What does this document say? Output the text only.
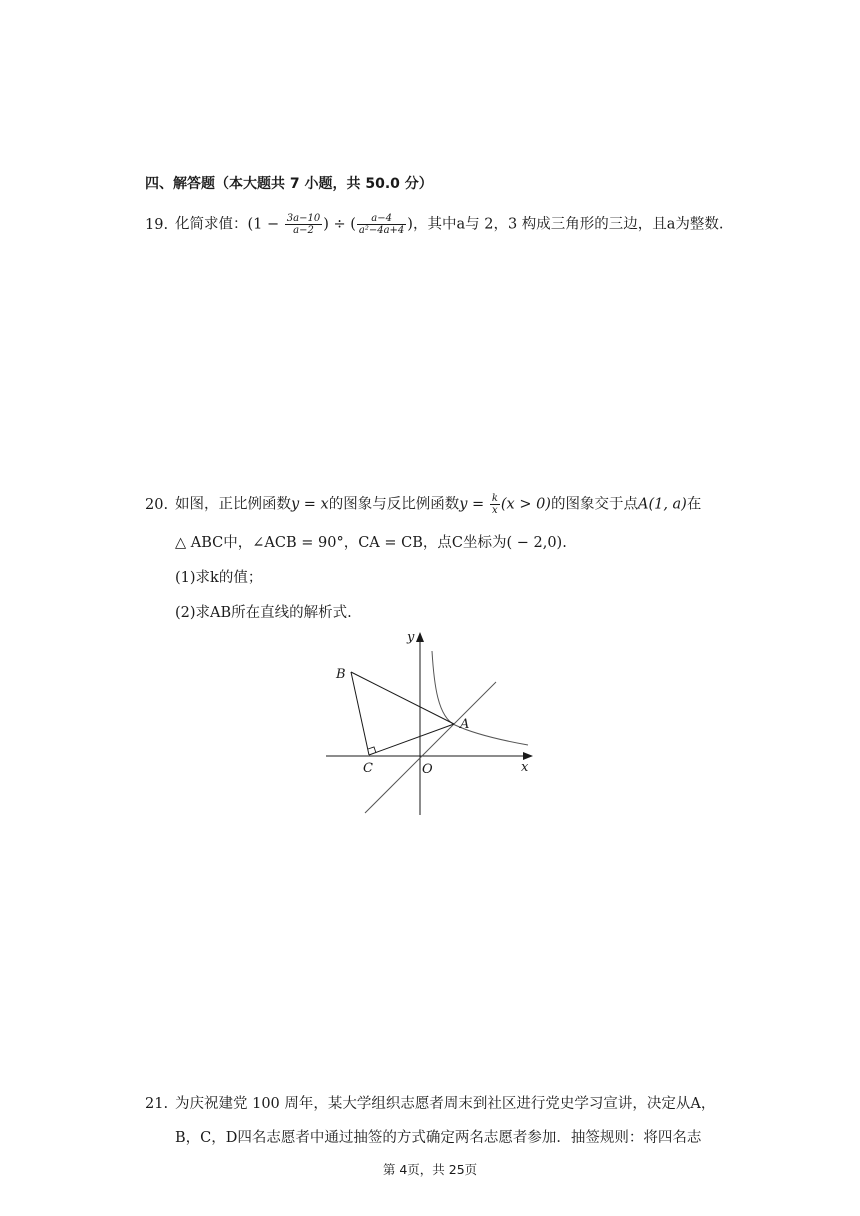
四、解答题（本大题共 7 小题，共 50.0 分）
19. 化简求值：($1 - \frac{3a-10}{a-2}$ ) ÷ ( $\frac{a-4}{\text{a²−4a+4}}$ )，其中a与 2，3 构成三角形的三边，且a为整数.
20. 如图，正比例函数y = x的图象与反比例函数$y = \frac{k}{x} (x > 0)$的图象交于点A(1, a)在
△ ABC中，∠ACB = 90°，CA = CB，点C坐标为( − 2,0).
(1)求k的值；
(2)求AB所在直线的解析式.
y
x
O
A
B
C
21. 为庆祝建党 100 周年，某大学组织志愿者周末到社区进行党史学习宣讲，决定从A，
B，C，D四名志愿者中通过抽签的方式确定两名志愿者参加．抽签规则：将四名志
第 4页，共 25页
